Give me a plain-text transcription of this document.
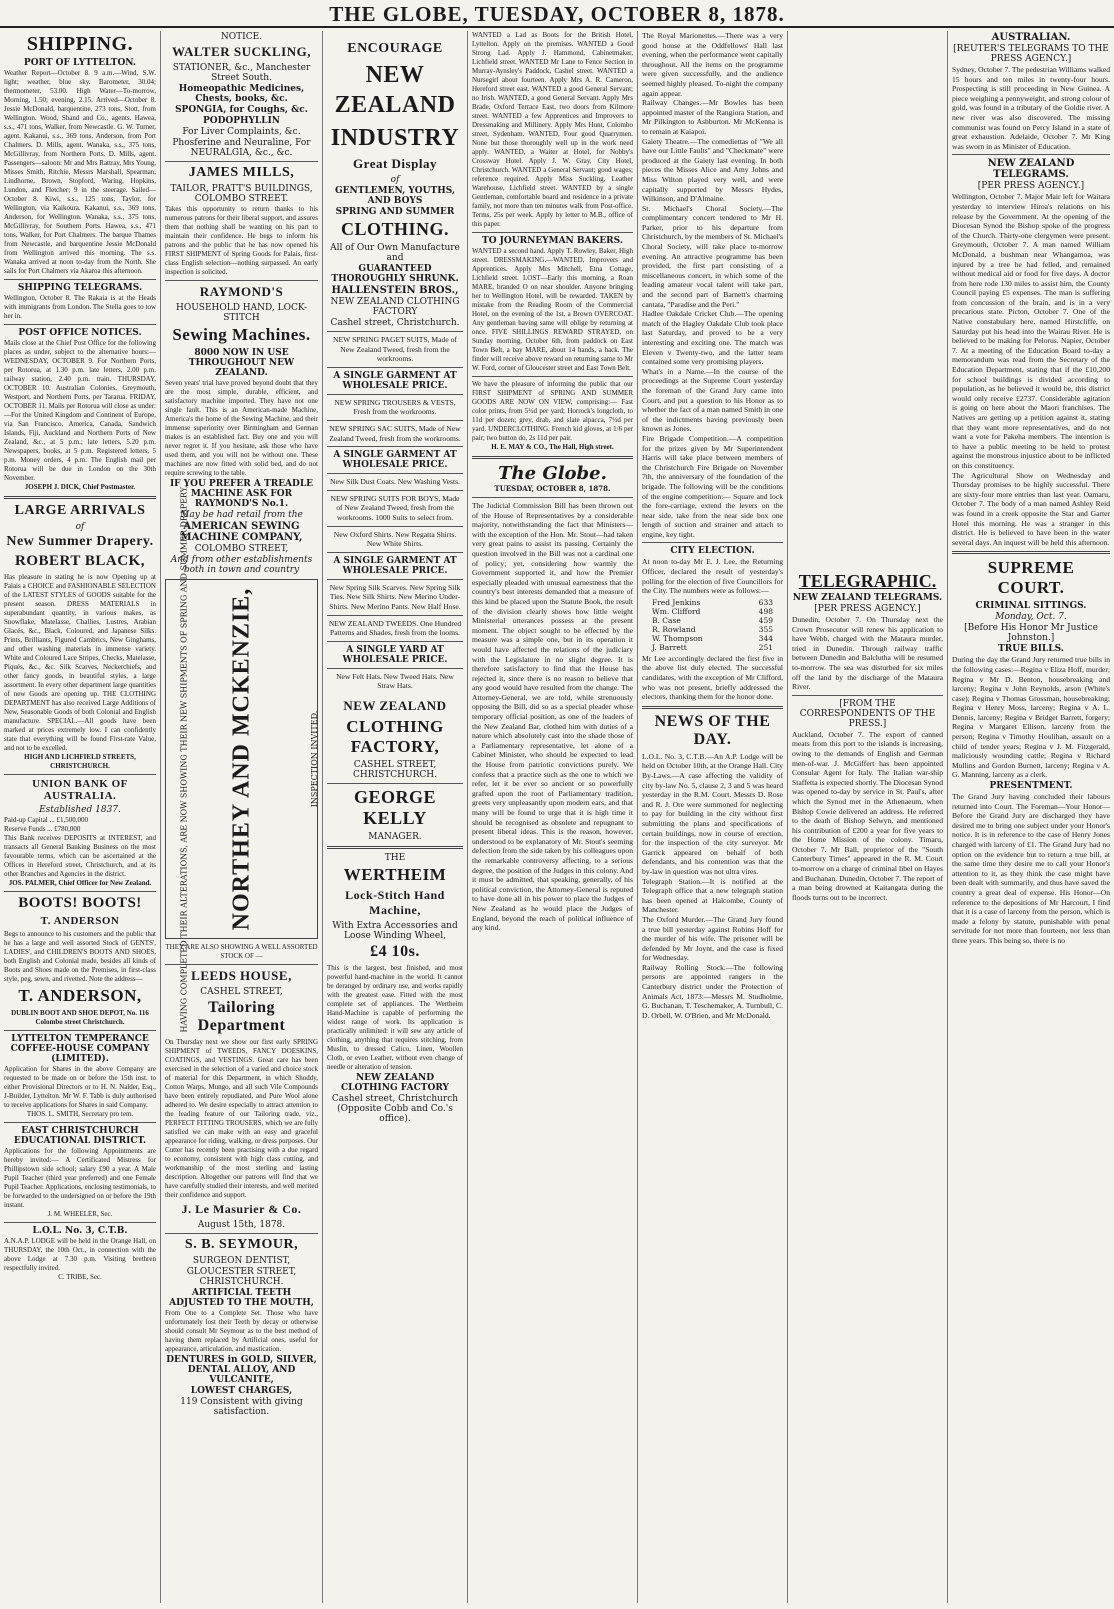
THE GLOBE, TUESDAY, OCTOBER 8, 1878.
SHIPPING.
PORT OF LYTTELTON.
Weather Report—October 8. 9 a.m.—Wind, S.W. light; weather, blue sky. Barometer, 30.04; thermometer, 53.00. High Water—To-morrow, Morning, 1.50; evening, 2.15. Arrived—October 8. Jessie McDonald, barquentine, 273 tons, Stott, from Wellington. Wood, Shand and Co., agents. Hawea, s.s., 471 tons, Walker, from Newcastle. G. W. Turner, agent. Kakanui, s.s., 369 tons, Anderson, from Port Chalmers. D. Mills, agent. Wanaka, s.s., 375 tons, McGillivray, from Northern Ports. D. Mills, agent. Passengers—saloon: Mr and Mrs Rattray, Mrs Young, Misses Smith, Ritchie, Messrs Marshall, Spearman, Lindhorne, Brown, Stopford, Waring, Hopkins, Lundon, and Fletcher; 9 in the steerage. Sailed—October 8. Kiwi, s.s., 125 tons, Taylor, for Wellington, via Kaikoura. Kakanui, s.s., 369 tons, Anderson, for Wellington. Wanaka, s.s., 375 tons, McGillivray, for Southern Ports. Hawea, s.s., 471 tons, Walker, for Port Chalmers. The barque Thames from Newcastle, and barquentine Jessie McDonald from Wellington arrived this morning. The s.s. Wanaka arrived at noon to-day from the North. She sails for Port Chalmers via Akaroa this afternoon.
SHIPPING TELEGRAMS.
Wellington, October 8. The Rakaia is at the Heads with immigrants from London. The Stella goes to tow her in.
POST OFFICE NOTICES.
Mails close at the Chief Post Office for the following places as under, subject to the alternative hours:— WEDNESDAY, OCTOBER 9. For Northern Ports, per Rotorua, at 1.30 p.m. late letters, 2.00 p.m. railway station, 2.40 p.m. train. THURSDAY, OCTOBER 10. Australian Colonies, Greymouth, Westport, and Northern Ports, per Tararua. FRIDAY, OCTOBER 11. Mails per Rotorua will close as under:—For the United Kingdom and Continent of Europe, via San Francisco, America, Canada, Sandwich Islands, Fiji, Auckland and Northern Ports of New Zealand, &c., at 5 p.m.; late letters, 5.20 p.m. Newspapers, books, at 5 p.m. Registered letters, 5 p.m. Money orders, 4 p.m. The English mail per Rotorua will be due in London on the 30th November.
JOSEPH J. DICK, Chief Postmaster.
LARGE ARRIVALS
of
New Summer Drapery.
ROBERT BLACK,
Has pleasure in stating he is now Opening up at Palais a CHOICE and FASHIONABLE SELECTION of the LATEST STYLES of GOODS suitable for the present season. DRESS MATERIALS in superabundant quantity, in various makes, as Snowflake, Matelasse, Challies, Lustres, Arabian Glacés, &c., Black, Coloured, and Japanese Silks. Prints, Brilliants, Figured Cambrics, New Ginghams, and other washing materials in immense variety. White and Coloured Lace Stripes, Checks, Matelasse, Piqués, &c., &c. Silk Scarves, Neckerchiefs, and other fancy goods, in beautiful styles, a large assortment. In every other department large quantities of new Goods are opening up. THE CLOTHING DEPARTMENT has also received Large Additions of New, Seasonable Goods of both Colonial and English manufacture. SPECIAL.—All goods have been marked at prices extremely low. I can confidently state that everything will be found First-rate Value, and not to be excelled.
HIGH AND LICHFIELD STREETS, CHRISTCHURCH.
UNION BANK OF AUSTRALIA.
Established 1837.
Paid-up Capital ... £1,500,000
Reserve Funds ... £780,000
This Bank receives DEPOSITS at INTEREST, and transacts all General Banking Business on the most favourable terms, which can be ascertained at the Offices in Hereford street, Christchurch, and at its other Branches and Agencies in the district.
JOS. PALMER, Chief Officer for New Zealand.
BOOTS! BOOTS!
T. ANDERSON
Begs to announce to his customers and the public that he has a large and well assorted Stock of GENTS', LADIES', and CHILDREN'S BOOTS AND SHOES, both English and Colonial made, besides all kinds of Boots and Shoes made on the Premises, in first-class style, peg, sewn, and rivetted. Note the address—
T. ANDERSON,
DUBLIN BOOT AND SHOE DEPOT, No. 116 Colombo street Christchurch.
LYTTELTON TEMPERANCE COFFEE-HOUSE COMPANY (LIMITED).
Application for Shares in the above Company are requested to be made on or before the 15th inst. to either Provisional Directors or to H. N. Nalder, Esq., J-Builder, Lyttelton. Mr W. F. Tabb is duly authorised to receive applications for Shares in said Company.
THOS. L. SMITH, Secretary pro tem.
EAST CHRISTCHURCH EDUCATIONAL DISTRICT.
Applications for the following Appointments are hereby invited:— A Certificated Mistress for Phillipstown side school; salary £90 a year. A Male Pupil Teacher (third year preferred) and one Female Pupil Teacher. Applications, enclosing testimonials, to be forwarded to the undersigned on or before the 19th instant.
J. M. WHEELER, Sec.
L.O.L. No. 3, C.T.B.
A.N.A.P. LODGE will be held in the Orange Hall, on THURSDAY, the 10th Oct., in connection with the above Lodge at 7.30 p.m. Visiting brethren respectfully invited.
C. TRIBE, Sec.
NOTICE.
WALTER SUCKLING,
STATIONER, &c., Manchester Street South.
Homeopathic Medicines, Chests, books, &c.
SPONGIA, for Coughs, &c.
PODOPHYLLIN
For Liver Complaints, &c.
Phosferine and Neuraline, For NEURALGIA, &c., &c.
JAMES MILLS,
TAILOR, PRATT'S BUILDINGS, COLOMBO STREET.
Takes this opportunity to return thanks to his numerous patrons for their liberal support, and assures them that nothing shall be wanting on his part to maintain their confidence. He begs to inform his patrons and the public that he has now opened his FIRST SHIPMENT of Spring Goods for Palais, first-class English selection—nothing surpassed. An early inspection is solicited.
RAYMOND'S
HOUSEHOLD HAND, LOCK-STITCH
Sewing Machines.
8000 NOW IN USE THROUGHOUT NEW ZEALAND.
Seven years' trial have proved beyond doubt that they are the most simple, durable, efficient, and satisfactory machine imported. They have not one single fault. This is an American-made Machine, America's the home of the Sewing Machine, and their immense superiority over Birmingham and German makes is an established fact. Buy one and you will never regret it. If you hesitate, ask those who have used them, and you will not be without one. These machines are now fitted with solid bed, and do not require screwing to the table.
IF YOU PREFER A TREADLE MACHINE ASK FOR RAYMOND'S No.1.
May be had retail from the
AMERICAN SEWING MACHINE COMPANY,
COLOMBO STREET,
And from other establishments both in town and country
HAVING COMPLETED THEIR ALTERATIONS, ARE NOW SHOWING THEIR NEW SHIPMENTS OF SPRING AND SUMMER DRAPERY, NORTHEY AND MCKENZIE,	INSPECTION INVITED.
THEY ARE ALSO SHOWING A WELL ASSORTED STOCK OF —
LEEDS HOUSE,
CASHEL STREET,
Tailoring Department
On Thursday next we show our first early SPRING SHIPMENT of TWEEDS, FANCY DOESKINS, COATINGS, and VESTINGS. Great care has been exercised in the selection of a varied and choice stock of material for this Department, in which Shoddy, Cotton Warps, Mungo, and all such Vile Compounds have been entirely repudiated, and Pure Wool alone adhered to. We desire especially to attract attention to the leading feature of our Tailoring trade, viz., PERFECT FITTING TROUSERS, which we are fully satisfied we can make with an easy and graceful appearance for riding, walking, or dress purposes. Our Cutter has recently been practising with a due regard to economy, consistent with high class cutting, and workmanship of the most sterling and lasting description. Altogether our patrons will find that we have carefully studied their interests, and well merited their confidence and support.
J. Le Masurier & Co.
August 15th, 1878.
S. B. SEYMOUR,
SURGEON DENTIST,
GLOUCESTER STREET, CHRISTCHURCH.
ARTIFICIAL TEETH ADJUSTED TO THE MOUTH,
From One to a Complete Set. Those who have unfortunately lost their Teeth by decay or otherwise should consult Mr Seymour as to the best method of having them replaced by Artificial ones, useful for appearance, articulation, and mastication.
DENTURES in GOLD, SILVER, DENTAL ALLOY, AND VULCANITE,
LOWEST CHARGES,
119 Consistent with giving satisfaction.
ENCOURAGE
NEW ZEALAND
INDUSTRY
Great Display
of
GENTLEMEN, YOUTHS, AND BOYS
SPRING AND SUMMER
CLOTHING.
All of Our Own Manufacture and
GUARANTEED THOROUGHLY SHRUNK.
HALLENSTEIN BROS.,
NEW ZEALAND CLOTHING FACTORY
Cashel street, Christchurch.
NEW SPRING PAGET SUITS, Made of New Zealand Tweed, fresh from the workrooms.
A SINGLE GARMENT AT WHOLESALE PRICE.
NEW SPRING TROUSERS & VESTS, Fresh from the workrooms.
NEW SPRING SAC SUITS, Made of New Zealand Tweed, fresh from the workrooms.
A SINGLE GARMENT AT WHOLESALE PRICE.
New Silk Dust Coats. New Washing Vests.
NEW SPRING SUITS FOR BOYS, Made of New Zealand Tweed, fresh from the workrooms. 1000 Suits to select from.
New Oxford Shirts. New Regatta Shirts. New White Shirts.
A SINGLE GARMENT AT WHOLESALE PRICE.
New Spring Silk Scarves. New Spring Silk Ties. New Silk Shirts. New Merino Under-Shirts. New Merino Pants. New Half Hose.
NEW ZEALAND TWEEDS. One Hundred Patterns and Shades, fresh from the looms.
A SINGLE YARD AT WHOLESALE PRICE.
New Felt Hats. New Tweed Hats. New Straw Hats.
NEW ZEALAND
CLOTHING FACTORY,
CASHEL STREET, CHRISTCHURCH.
GEORGE KELLY
MANAGER.
THE
WERTHEIM
Lock-Stitch Hand Machine,
With Extra Accessories and Loose Winding Wheel,
£4 10s.
This is the largest, best finished, and most powerful hand-machine in the world. It cannot be deranged by ordinary use, and works rapidly with the greatest ease. Fitted with the most complete set of appliances. The Wertheim Hand-Machine is capable of performing the widest range of work. Its application is practically unlimited: it will sew any article of clothing, anything that requires stitching, from Muslin, to dressed Calico, Linen, Woollen Cloth, or even Leather, without even change of needle or alteration of tension.
NEW ZEALAND CLOTHING FACTORY
Cashel street, Christchurch (Opposite Cobb and Co.'s office).
WANTED a Lad as Boots for the British Hotel, Lyttelton. Apply on the premises. WANTED a Good Strong Lad. Apply J. Hammond, Cabinetmaker, Lichfield street. WANTED Mr Lane to Fence Section in Murray-Aynsley's Paddock, Cashel street. WANTED a Nursegirl about fourteen. Apply Mrs A. R. Cameron, Hereford street east. WANTED a good General Servant; no Irish. WANTED, a good General Servant. Apply Mrs Brade, Oxford Terrace East, two doors from Kilmore street. WANTED a few Apprentices and Improvers to Dressmaking and Millinery. Apply Mrs Hunt, Colombo street, Sydenham. WANTED, Four good Quarrymen. None but those thoroughly well up in the work need apply. WANTED, a Waiter at Hotel, for Nobby's Crossway Hotel. Apply J. W. Gray, City Hotel, Christchurch. WANTED a General Servant; good wages; reference required. Apply Miss Suckling, Leather Warehouse, Lichfield street. WANTED by a single Gentleman, comfortable board and residence in a private family, not more than ten minutes walk from Post-office. Terms, 25s per week. Apply by letter to M.B., office of this paper.
TO JOURNEYMAN BAKERS.
WANTED a second hand. Apply T. Rowley, Baker, High street. DRESSMAKING.—WANTED, Improvers and Apprentices. Apply Mrs Mitchell, Etna Cottage, Lichfield street. LOST—Early this morning, a Roan MARE, branded O on near shoulder. Anyone bringing her to Wellington Hotel, will be rewarded. TAKEN by mistake from the Reading Room of the Commercial Hotel, on the evening of the 1st, a Brown OVERCOAT. Any gentleman having same will oblige by returning at once. FIVE SHILLINGS REWARD STRAYED, on Sunday morning, October 6th, from paddock on East Town Belt, a bay MARE, about 14 hands, a hack. The finder will receive above reward on returning same to Mr W. Ford, corner of Gloucester street and East Town Belt.
We have the pleasure of informing the public that our FIRST SHIPMENT of SPRING AND SUMMER GOODS ARE NOW ON VIEW, comprising:— Fast color prints, from 5½d per yard; Horrock's longcloth, to 11d per dozen; grey, drab, and slate alpacca, 7½d per yard. UNDERCLOTHING. French kid gloves, at 1/6 per pair; two button do, 2s 11d per pair.
H. E. MAY & CO., The Hall, High street.
The Globe.
TUESDAY, OCTOBER 8, 1878.
The Judicial Commission Bill has been thrown out of the House of Representatives by a considerable majority, notwithstanding the fact that Ministers—with the exception of the Hon. Mr. Stout—had taken very great pains to assist its passing. Certainly the question involved in the Bill was not a cardinal one of policy; yet, considering how warmly the Government supported it, and how the Premier especially pleaded with unusual earnestness that the country's best interests demanded that a measure of this kind be placed upon the Statute Book, the result of the division clearly shows how little weight Ministerial utterances possess at the present moment. The object sought to be effected by the measure was a simple one, but in its operation it would have affected the relations of the judiciary with the Legislature in no slight degree. It is therefore satisfactory to find that the House has rejected it, since there is no reason to believe that any good would have resulted from the change. The Attorney-General, we are told, while strenuously opposing the Bill, did so as a special pleader whose temporary official position, as one of the leaders of the New Zealand Bar, clothed him with duties of a nature which absolutely cast into the shade those of a Parliamentary representative, let alone of a Cabinet Minister, who should be expected to lead the House from patriotic convictions purely. We confess that a practice such as the one to which we refer, let it be ever so ancient or so powerfully grafted upon the root of Parliamentary tradition, greets very unpleasantly upon modern ears, and that many will be found to urge that it is high time it should be recognised as obsolete and repugnant to present liberal ideas. This is the reason, however, understood to be explanatory of Mr. Stout's seeming defection from the side taken by his colleagues upon the remarkable controversy affecting, to a serious degree, the position of the Judges in this colony. And it must be admitted, that speaking, generally, of his political conviction, the Attorney-General is reputed to have done all in his power to place the Judges of New Zealand as he would place the Judges of England, beyond the reach of political influence of any kind.
The Royal Marionettes.—There was a very good house at the Oddfellows' Hall last evening, when the performance went capitally throughout. All the items on the programme were given successfully, and the audience seemed highly pleased. To-night the company again appear.
Railway Changes.—Mr Bowles has been appointed master of the Rangiora Station, and Mr Pilkington to Ashburton. Mr McKenna is to remain at Kaiapoi.
Gaiety Theatre.—The comediettas of "We all have our Little Faults" and "Checkmate" were produced at the Gaiety last evening. In both pieces the Misses Alice and Amy Johns and Miss Wilton played very well, and were capitally supported by Messrs Hydes, Wilkinson, and D'Almaine.
St. Michael's Choral Society.—The complimentary concert tendered to Mr H. Parker, prior to his departure from Christchurch, by the members of St. Michael's Choral Society, will take place to-morrow evening. An attractive programme has been provided, the first part consisting of a miscellaneous concert, in which some of the leading amateur vocal talent will take part, and the second part of Barnett's charming cantata, "Paradise and the Peri."
Hadlee Oakdale Cricket Club.—The opening match of the Hagley Oakdale Club took place last Saturday, and proved to be a very interesting and exciting one. The match was Eleven v Twenty-two, and the latter team contained some very promising players.
What's in a Name.—In the course of the proceedings at the Supreme Court yesterday the foreman of the Grand Jury came into Court, and put a question to his Honor as to whether the fact of a man named Smith in one of the indictments having previously been known as Jones.
Fire Brigade Competition.—A competition for the prizes given by Mr Superintendent Harris will take place between members of the Christchurch Fire Brigade on November 7th, the anniversary of the foundation of the brigade. The following will be the conditions of the engine competition:— Square and lock the fore-carriage, extend the levers on the near side, take from the near side box one length of suction and strainer and attach to engine, key tight.
CITY ELECTION.
At noon to-day Mr E. J. Lee, the Returning Officer, declared the result of yesterday's polling for the election of five Councillors for the City. The numbers were as follows:—
Fred Jenkins	633
Wm. Clifford	498
B. Case	459
R. Rowland	355
W. Thompson	344
J. Barrett	251
Mr Lee accordingly declared the first five in the above list duly elected. The successful candidates, with the exception of Mr Clifford, who was not present, briefly addressed the electors, thanking them for the honor done.
NEWS OF THE DAY.
L.O.L. No. 3, C.T.B.—An A.P. Lodge will be held on October 10th, at the Orange Hall. City By-Laws.—A case affecting the validity of city by-law No. 5, clause 2, 3 and 5 was heard yesterday in the R.M. Court. Messrs D. Rose and R. J. Ore were summoned for neglecting to pay for building in the city without first submitting the plans and specifications of certain buildings, now in course of erection, for the inspection of the city surveyor. Mr Garrick appeared on behalf of both defendants, and his contention was that the by-law in question was not ultra vires.
Telegraph Station.—It is notified at the Telegraph office that a new telegraph station has been opened at Halcombe, County of Manchester.
The Oxford Murder.—The Grand Jury found a true bill yesterday against Robins Hoff for the murder of his wife. The prisoner will be defended by Mr Joynt, and the case is fixed for Wednesday.
Railway Rolling Stock.—The following persons are appointed rangers in the Canterbury district under the Protection of Animals Act, 1873:—Messrs M. Studholme, G. Buchanan, T. Teschemaker, A. Turnbull, C. D. Orbell, W. O'Brien, and Mr McDonald.
TELEGRAPHIC.
NEW ZEALAND TELEGRAMS.
[PER PRESS AGENCY.]
Dunedin, October 7. On Thursday next the Crown Prosecutor will renew his application to have Webb, charged with the Mataura murder, tried in Dunedin. Through railway traffic between Dunedin and Balclutha will be resumed to-morrow. The sea was disturbed for six miles off the land by the discharge of the Mataura River.
[FROM THE CORRESPONDENTS OF THE PRESS.]
Auckland, October 7. The export of canned meats from this port to the islands is increasing, owing to the demands of English and German men-of-war. J. McGiffert has been appointed Consular Agent for Italy. The Italian war-ship Staffetta is expected shortly. The Diocesan Synod was opened to-day by service in St. Paul's, after which the Synod met in the Athenaeum, when Bishop Cowie delivered an address. He referred to the death of Bishop Selwyn, and mentioned his contribution of £200 a year for five years to the Home Mission of the colony. Timaru, October 7. Mr Ball, proprietor of the "South Canterbury Times" appeared in the R. M. Court to-morrow on a charge of criminal libel on Hayes and Buchanan. Dunedin, October 7. The report of a man being drowned at Kaitangata during the floods turns out to be incorrect.
AUSTRALIAN.
[REUTER'S TELEGRAMS TO THE PRESS AGENCY.]
Sydney, October 7. The pedestrian Williams walked 15 hours and ten miles in twenty-four hours. Prospecting is still proceeding in New Guinea. A piece weighing a pennyweight, and strong colour of gold, was found in a tributary of the Goldie river. A new river was also discovered. The missing communist was found on Percy Island in a state of great exhaustion. Adelaide, October 7. Mr King was sworn in as Minister of Education.
NEW ZEALAND TELEGRAMS.
[PER PRESS AGENCY.]
Wellington, October 7. Major Mair left for Waitara yesterday to interview Hiroa's relations on his release by the Government. At the opening of the Diocesan Synod the Bishop spoke of the progress of the Church. Thirty-one clergymen were present. Greymouth, October 7. A man named William McDonald, a bushman near Whangamoa, was injured by a tree he had felled, and remained without medical aid or food for five days. A doctor from here rode 130 miles to assist him, the County Council paying £5 expenses. The man is suffering from concussion of the brain, and is in a very precarious state. Picton, October 7. One of the Native constabulary here, named Hirstcliffe, on Saturday put his head into the Wairau River. He is believed to be making for Pelorus. Napier, October 7. At a meeting of the Education Board to-day a memorandum was read from the Secretary of the Education Department, stating that if the £10,200 for school buildings is divided according to population, as he believed it would be, this district would only receive £2737. Considerable agitation is going on here about the Maori franchises. The Natives are getting up a petition against it, stating that they want more representatives, and do not want a vote for Pakeha members. The intention is to have a public meeting to be held to protest against the monstrous injustice about to be inflicted on this constituency.
The Agricultural Show on Wednesday and Thursday promises to be highly successful. There are sixty-four more entries than last year. Oamaru, October 7. The body of a man named Ashley Reid was found in a creek opposite the Star and Garter Hotel this morning. He was a stranger in this district. He is believed to have been in the water several days. An inquest will be held this afternoon.
SUPREME COURT.
CRIMINAL SITTINGS.
Monday, Oct. 7.
[Before His Honor Mr Justice Johnston.]
TRUE BILLS.
During the day the Grand Jury returned true bills in the following cases:—Regina v Eliza Hoff, murder; Regina v Mr D. Benton, housebreaking and larceny; Regina v John Reynolds, arson (White's case); Regina v Thomas Grossman, housebreaking; Regina v Henry Moss, larceny; Regina v A. L. Dennis, larceny; Regina v Bridget Barrett, forgery; Regina v Margaret Ellison, larceny from the person; Regina v Timothy Houlihan, assault on a child of tender years; Regina v J. M. Fitzgerald, maliciously wounding cattle; Regina v Richard Mullins and Gordon Burnett, larceny; Regina v A. G. Manning, larceny as a clerk.
PRESENTMENT.
The Grand Jury having concluded their labours returned into Court. The Foreman—Your Honor—Before the Grand Jury are discharged they have desired me to bring one subject under your Honor's notice. It is in reference to the case of Henry Jones charged with larceny of £1. The Grand Jury had no option on the evidence but to return a true bill, at the same time they desire me to call your Honor's attention to it, as they think the case might have been dealt with summarily, and thus have saved the country a great deal of expense. His Honor—On reference to the depositions of Mr Harcourt, I find that it is a case of larceny from the person, which is made a felony by statute, punishable with penal servitude for not more than fourteen, nor less than three years. This being so, there is no
